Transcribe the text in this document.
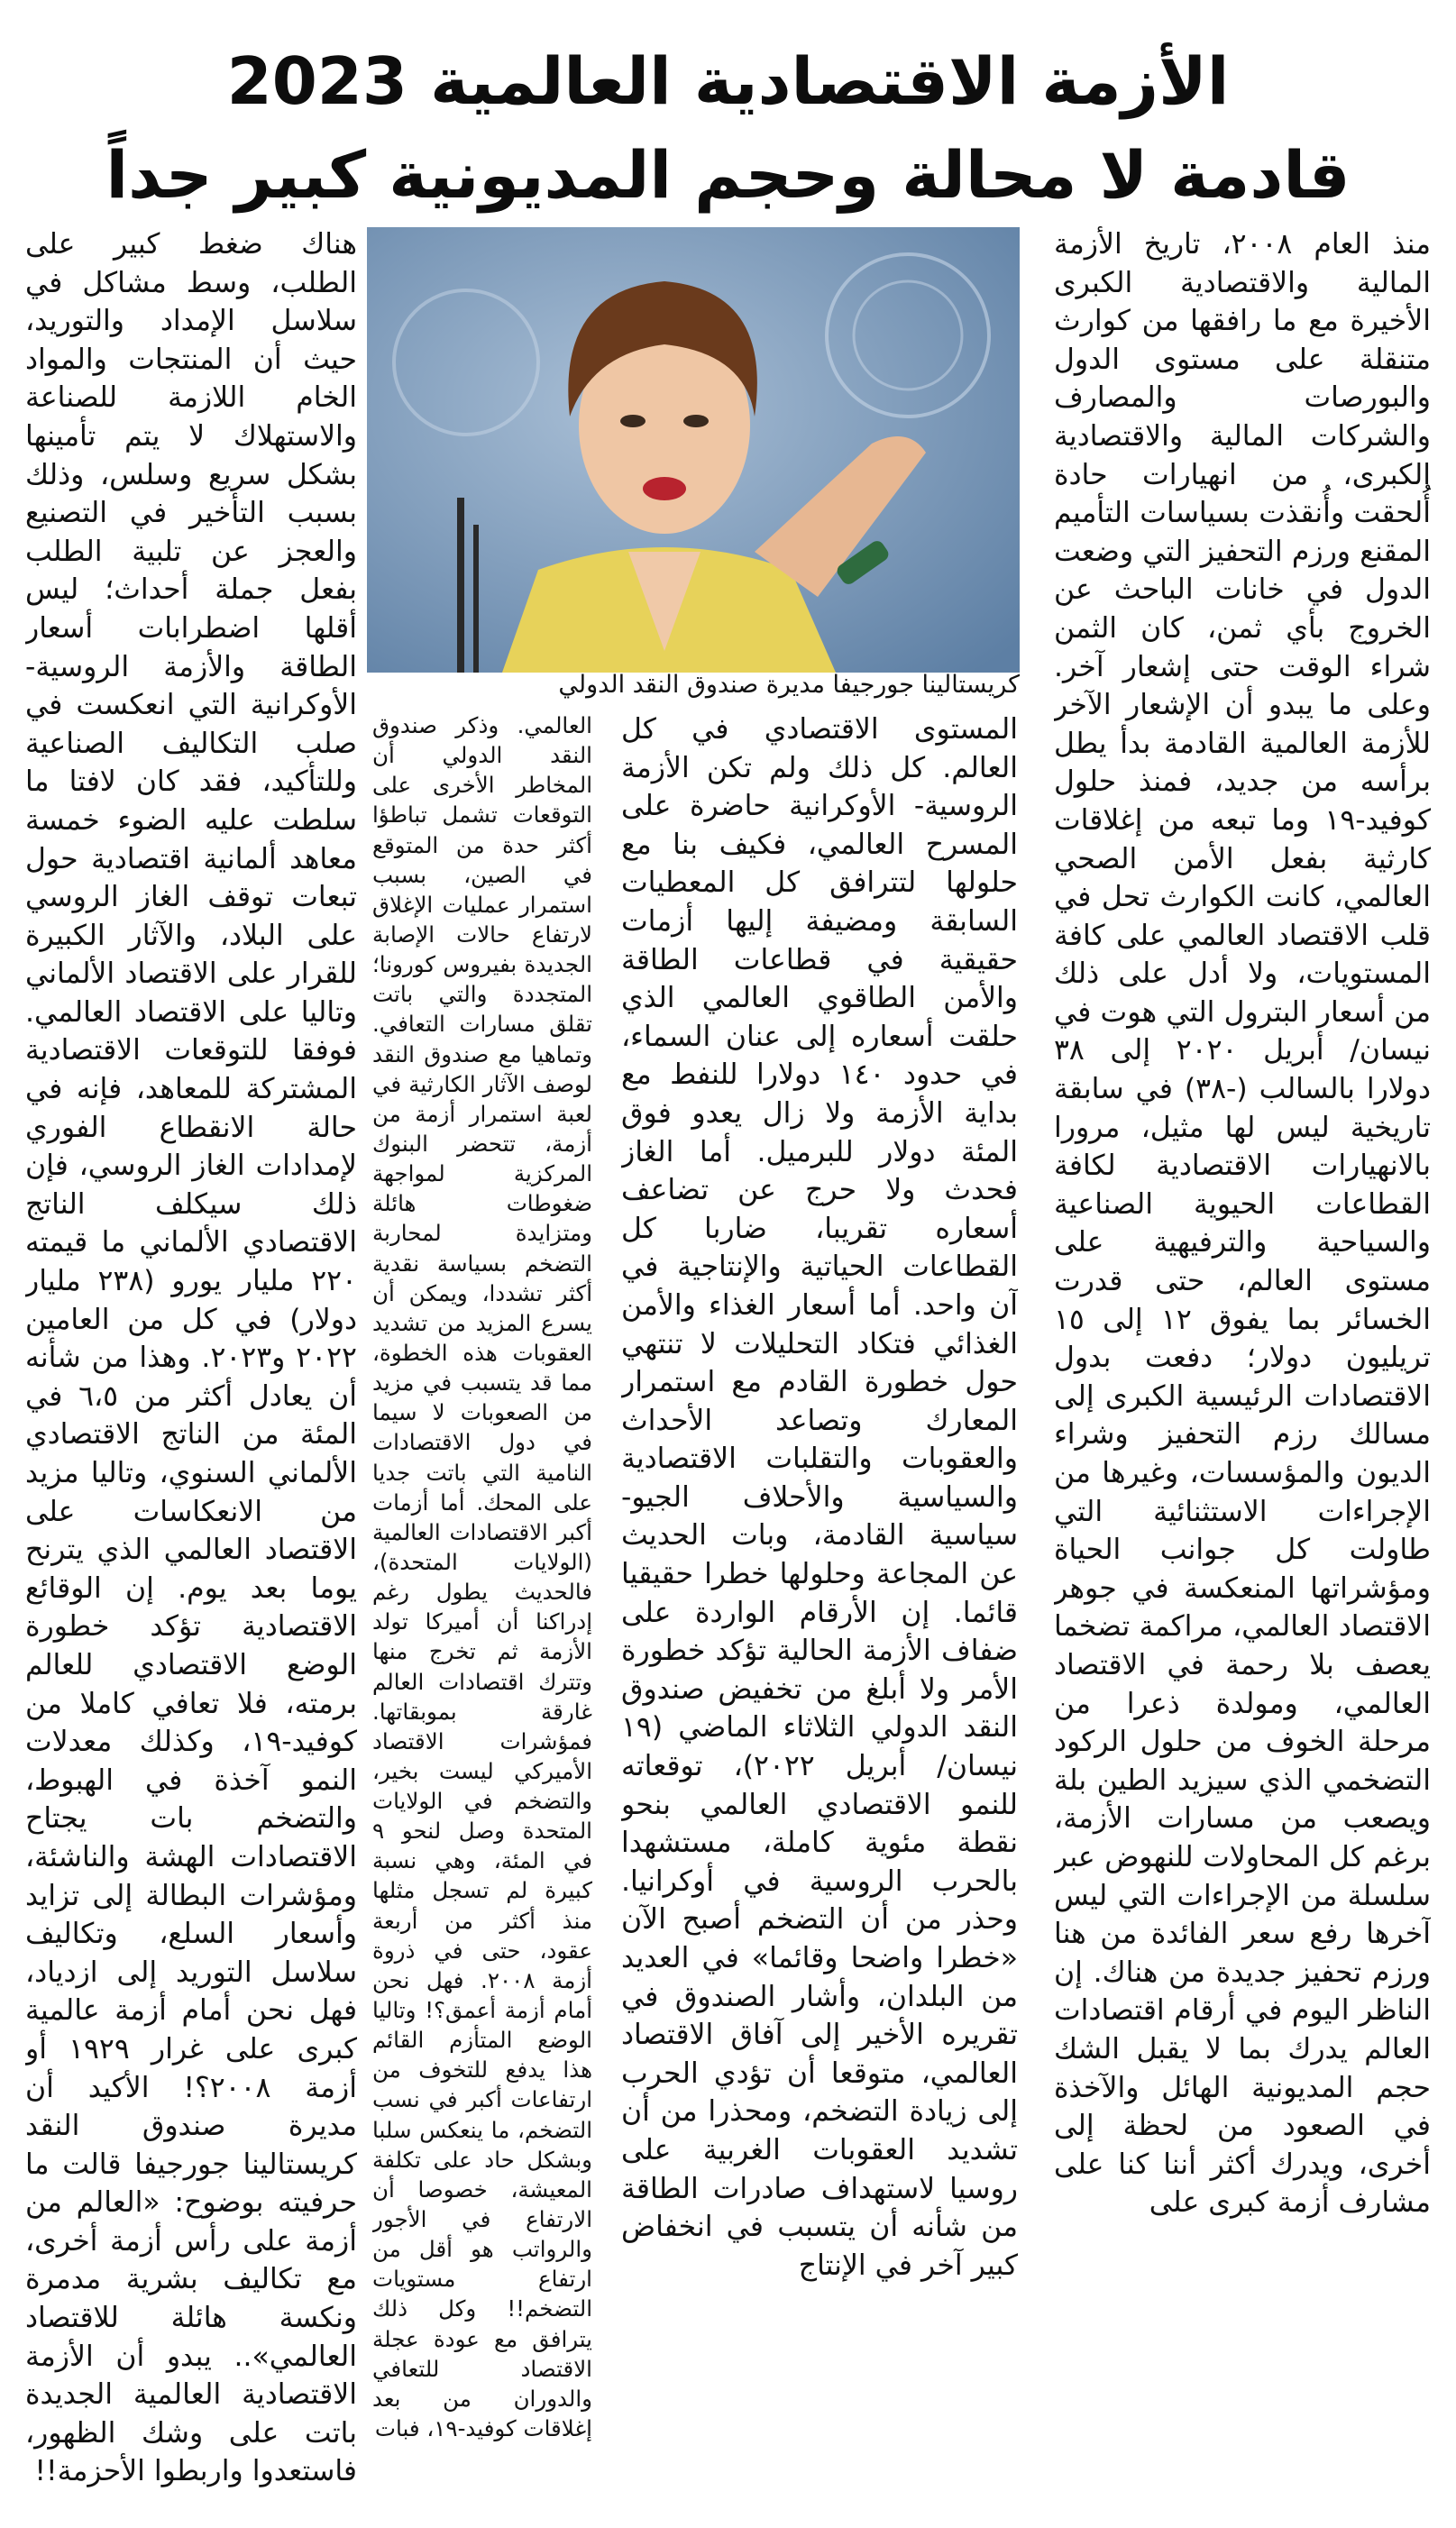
الأزمة الاقتصادية العالمية 2023
قادمة لا محالة وحجم المديونية كبير جداً
منذ العام ٢٠٠٨، تاريخ الأزمة المالية والاقتصادية الكبرى الأخيرة مع ما رافقها من كوارث متنقلة على مستوى الدول والبورصات والمصارف والشركات المالية والاقتصادية الكبرى، من انهيارات حادة أُلحقت وأُنقذت بسياسات التأميم المقنع ورزم التحفيز التي وضعت الدول في خانات الباحث عن الخروج بأي ثمن، كان الثمن شراء الوقت حتى إشعار آخر. وعلى ما يبدو أن الإشعار الآخر للأزمة العالمية القادمة بدأ يطل برأسه من جديد، فمنذ حلول كوفيد-١٩ وما تبعه من إغلاقات كارثية بفعل الأمن الصحي العالمي، كانت الكوارث تحل في قلب الاقتصاد العالمي على كافة المستويات، ولا أدل على ذلك من أسعار البترول التي هوت في نيسان/ أبريل ٢٠٢٠ إلى ٣٨ دولارا بالسالب (-٣٨) في سابقة تاريخية ليس لها مثيل، مرورا بالانهيارات الاقتصادية لكافة القطاعات الحيوية الصناعية والسياحية والترفيهية على مستوى العالم، حتى قدرت الخسائر بما يفوق ١٢ إلى ١٥ تريليون دولار؛ دفعت بدول الاقتصادات الرئيسية الكبرى إلى مسالك رزم التحفيز وشراء الديون والمؤسسات، وغيرها من الإجراءات الاستثنائية التي طاولت كل جوانب الحياة ومؤشراتها المنعكسة في جوهر الاقتصاد العالمي، مراكمة تضخما يعصف بلا رحمة في الاقتصاد العالمي، ومولدة ذعرا من مرحلة الخوف من حلول الركود التضخمي الذي سيزيد الطين بلة ويصعب من مسارات الأزمة، برغم كل المحاولات للنهوض عبر سلسلة من الإجراءات التي ليس آخرها رفع سعر الفائدة من هنا ورزم تحفيز جديدة من هناك. إن الناظر اليوم في أرقام اقتصادات العالم يدرك بما لا يقبل الشك حجم المديونية الهائل والآخذة في الصعود من لحظة إلى أخرى، ويدرك أكثر أننا كنا على مشارف أزمة كبرى على
كريستالينا جورجيفا مديرة صندوق النقد الدولي
المستوى الاقتصادي في كل العالم. كل ذلك ولم تكن الأزمة الروسية- الأوكرانية حاضرة على المسرح العالمي، فكيف بنا مع حلولها لتترافق كل المعطيات السابقة ومضيفة إليها أزمات حقيقية في قطاعات الطاقة والأمن الطاقوي العالمي الذي حلقت أسعاره إلى عنان السماء، في حدود ١٤٠ دولارا للنفط مع بداية الأزمة ولا زال يعدو فوق المئة دولار للبرميل. أما الغاز فحدث ولا حرج عن تضاعف أسعاره تقريبا، ضاربا كل القطاعات الحياتية والإنتاجية في آن واحد. أما أسعار الغذاء والأمن الغذائي فتكاد التحليلات لا تنتهي حول خطورة القادم مع استمرار المعارك وتصاعد الأحداث والعقوبات والتقلبات الاقتصادية والسياسية والأحلاف الجيو- سياسية القادمة، وبات الحديث عن المجاعة وحلولها خطرا حقيقيا قائما. إن الأرقام الواردة على ضفاف الأزمة الحالية تؤكد خطورة الأمر ولا أبلغ من تخفيض صندوق النقد الدولي الثلاثاء الماضي (١٩ نيسان/ أبريل ٢٠٢٢)، توقعاته للنمو الاقتصادي العالمي بنحو نقطة مئوية كاملة، مستشهدا بالحرب الروسية في أوكرانيا. وحذر من أن التضخم أصبح الآن «خطرا واضحا وقائما» في العديد من البلدان، وأشار الصندوق في تقريره الأخير إلى آفاق الاقتصاد العالمي، متوقعا أن تؤدي الحرب إلى زيادة التضخم، ومحذرا من أن تشديد العقوبات الغربية على روسيا لاستهداف صادرات الطاقة من شأنه أن يتسبب في انخفاض كبير آخر في الإنتاج
العالمي. وذكر صندوق النقد الدولي أن المخاطر الأخرى على التوقعات تشمل تباطؤا أكثر حدة من المتوقع في الصين، بسبب استمرار عمليات الإغلاق لارتفاع حالات الإصابة الجديدة بفيروس كورونا؛ المتجددة والتي باتت تقلق مسارات التعافي. وتماهيا مع صندوق النقد لوصف الآثار الكارثية في لعبة استمرار أزمة من أزمة، تتحضر البنوك المركزية لمواجهة ضغوطات هائلة ومتزايدة لمحاربة التضخم بسياسة نقدية أكثر تشددا، ويمكن أن يسرع المزيد من تشديد العقوبات هذه الخطوة، مما قد يتسبب في مزيد من الصعوبات لا سيما في دول الاقتصادات النامية التي باتت جديا على المحك. أما أزمات أكبر الاقتصادات العالمية (الولايات المتحدة)، فالحديث يطول رغم إدراكنا أن أميركا تولد الأزمة ثم تخرج منها وتترك اقتصادات العالم غارقة بموبقاتها. فمؤشرات الاقتصاد الأميركي ليست بخير، والتضخم في الولايات المتحدة وصل لنحو ٩ في المئة، وهي نسبة كبيرة لم تسجل مثلها منذ أكثر من أربعة عقود، حتى في ذروة أزمة ٢٠٠٨. فهل نحن أمام أزمة أعمق؟! وتاليا الوضع المتأزم القائم هذا يدفع للتخوف من ارتفاعات أكبر في نسب التضخم، ما ينعكس سلبا وبشكل حاد على تكلفة المعيشة، خصوصا أن الارتفاع في الأجور والرواتب هو أقل من ارتفاع مستويات التضخم!! وكل ذلك يترافق مع عودة عجلة الاقتصاد للتعافي والدوران من بعد إغلاقات كوفيد-١٩، فبات
هناك ضغط كبير على الطلب، وسط مشاكل في سلاسل الإمداد والتوريد، حيث أن المنتجات والمواد الخام اللازمة للصناعة والاستهلاك لا يتم تأمينها بشكل سريع وسلس، وذلك بسبب التأخير في التصنيع والعجز عن تلبية الطلب بفعل جملة أحداث؛ ليس أقلها اضطرابات أسعار الطاقة والأزمة الروسية- الأوكرانية التي انعكست في صلب التكاليف الصناعية وللتأكيد، فقد كان لافتا ما سلطت عليه الضوء خمسة معاهد ألمانية اقتصادية حول تبعات توقف الغاز الروسي على البلاد، والآثار الكبيرة للقرار على الاقتصاد الألماني وتاليا على الاقتصاد العالمي. فوفقا للتوقعات الاقتصادية المشتركة للمعاهد، فإنه في حالة الانقطاع الفوري لإمدادات الغاز الروسي، فإن ذلك سيكلف الناتج الاقتصادي الألماني ما قيمته ٢٢٠ مليار يورو (٢٣٨ مليار دولار) في كل من العامين ٢٠٢٢ و٢٠٢٣. وهذا من شأنه أن يعادل أكثر من ٦،٥ في المئة من الناتج الاقتصادي الألماني السنوي، وتاليا مزيد من الانعكاسات على الاقتصاد العالمي الذي يترنح يوما بعد يوم. إن الوقائع الاقتصادية تؤكد خطورة الوضع الاقتصادي للعالم برمته، فلا تعافي كاملا من كوفيد-١٩، وكذلك معدلات النمو آخذة في الهبوط، والتضخم بات يجتاح الاقتصادات الهشة والناشئة، ومؤشرات البطالة إلى تزايد وأسعار السلع، وتكاليف سلاسل التوريد إلى ازدياد، فهل نحن أمام أزمة عالمية كبرى على غرار ١٩٢٩ أو أزمة ٢٠٠٨؟! الأكيد أن مديرة صندوق النقد كريستالينا جورجيفا قالت ما حرفيته بوضوح: «العالم من أزمة على رأس أزمة أخرى، مع تكاليف بشرية مدمرة ونكسة هائلة للاقتصاد العالمي».. يبدو أن الأزمة الاقتصادية العالمية الجديدة باتت على وشك الظهور، فاستعدوا واربطوا الأحزمة!!
